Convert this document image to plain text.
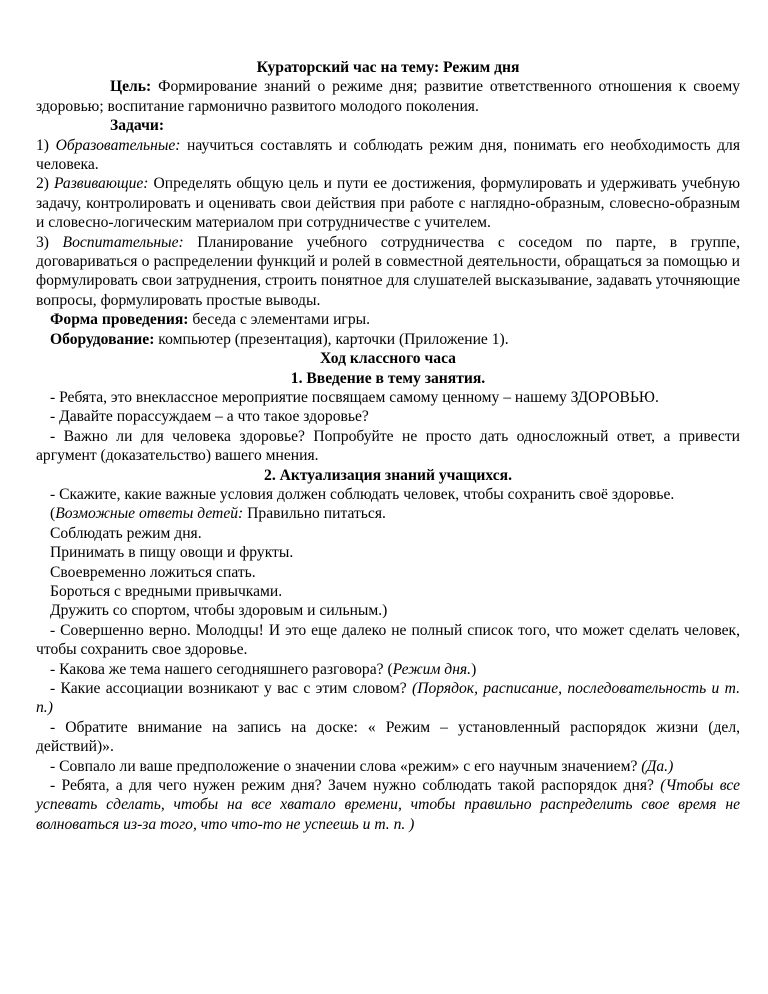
Кураторский час на тему: Режим дня

Цель: Формирование знаний о режиме дня; развитие ответственного отношения к своему здоровью; воспитание гармонично развитого молодого поколения.

Задачи:

1) Образовательные: научиться составлять и соблюдать режим дня, понимать его необходимость для человека.

2) Развивающие: Определять общую цель и пути ее достижения, формулировать и удерживать учебную задачу, контролировать и оценивать свои действия при работе с наглядно-образным, словесно-образным и словесно-логическим материалом при сотрудничестве с учителем.

3) Воспитательные: Планирование учебного сотрудничества с соседом по парте, в группе, договариваться о распределении функций и ролей в совместной деятельности, обращаться за помощью и формулировать свои затруднения, строить понятное для слушателей высказывание, задавать уточняющие вопросы, формулировать простые выводы.

Форма проведения: беседа с элементами игры.

Оборудование: компьютер (презентация), карточки (Приложение 1).

Ход классного часа

1. Введение в тему занятия.

- Ребята, это внеклассное мероприятие посвящаем самому ценному – нашему ЗДОРОВЬЮ.

- Давайте порассуждаем – а что такое здоровье?

- Важно ли для человека здоровье? Попробуйте не просто дать односложный ответ, а привести аргумент (доказательство) вашего мнения.

2. Актуализация знаний учащихся.

- Скажите, какие важные условия должен соблюдать человек, чтобы сохранить своё здоровье.

(Возможные ответы детей: Правильно питаться.

Соблюдать режим дня.

Принимать в пищу овощи и фрукты.

Своевременно ложиться спать.

Бороться с вредными привычками.

Дружить со спортом, чтобы здоровым и сильным.)

- Совершенно верно. Молодцы! И это еще далеко не полный список того, что может сделать человек, чтобы сохранить свое здоровье.

- Какова же тема нашего сегодняшнего разговора? (Режим дня.)

- Какие ассоциации возникают у вас с этим словом? (Порядок, расписание, последовательность и т. п.)

- Обратите внимание на запись на доске: « Режим – установленный распорядок жизни (дел, действий)».

- Совпало ли ваше предположение о значении слова «режим» с его научным значением? (Да.)

- Ребята, а для чего нужен режим дня? Зачем нужно соблюдать такой распорядок дня? (Чтобы все успевать сделать, чтобы на все хватало времени, чтобы правильно распределить свое время не волноваться из-за того, что что-то не успеешь и т. п. )
